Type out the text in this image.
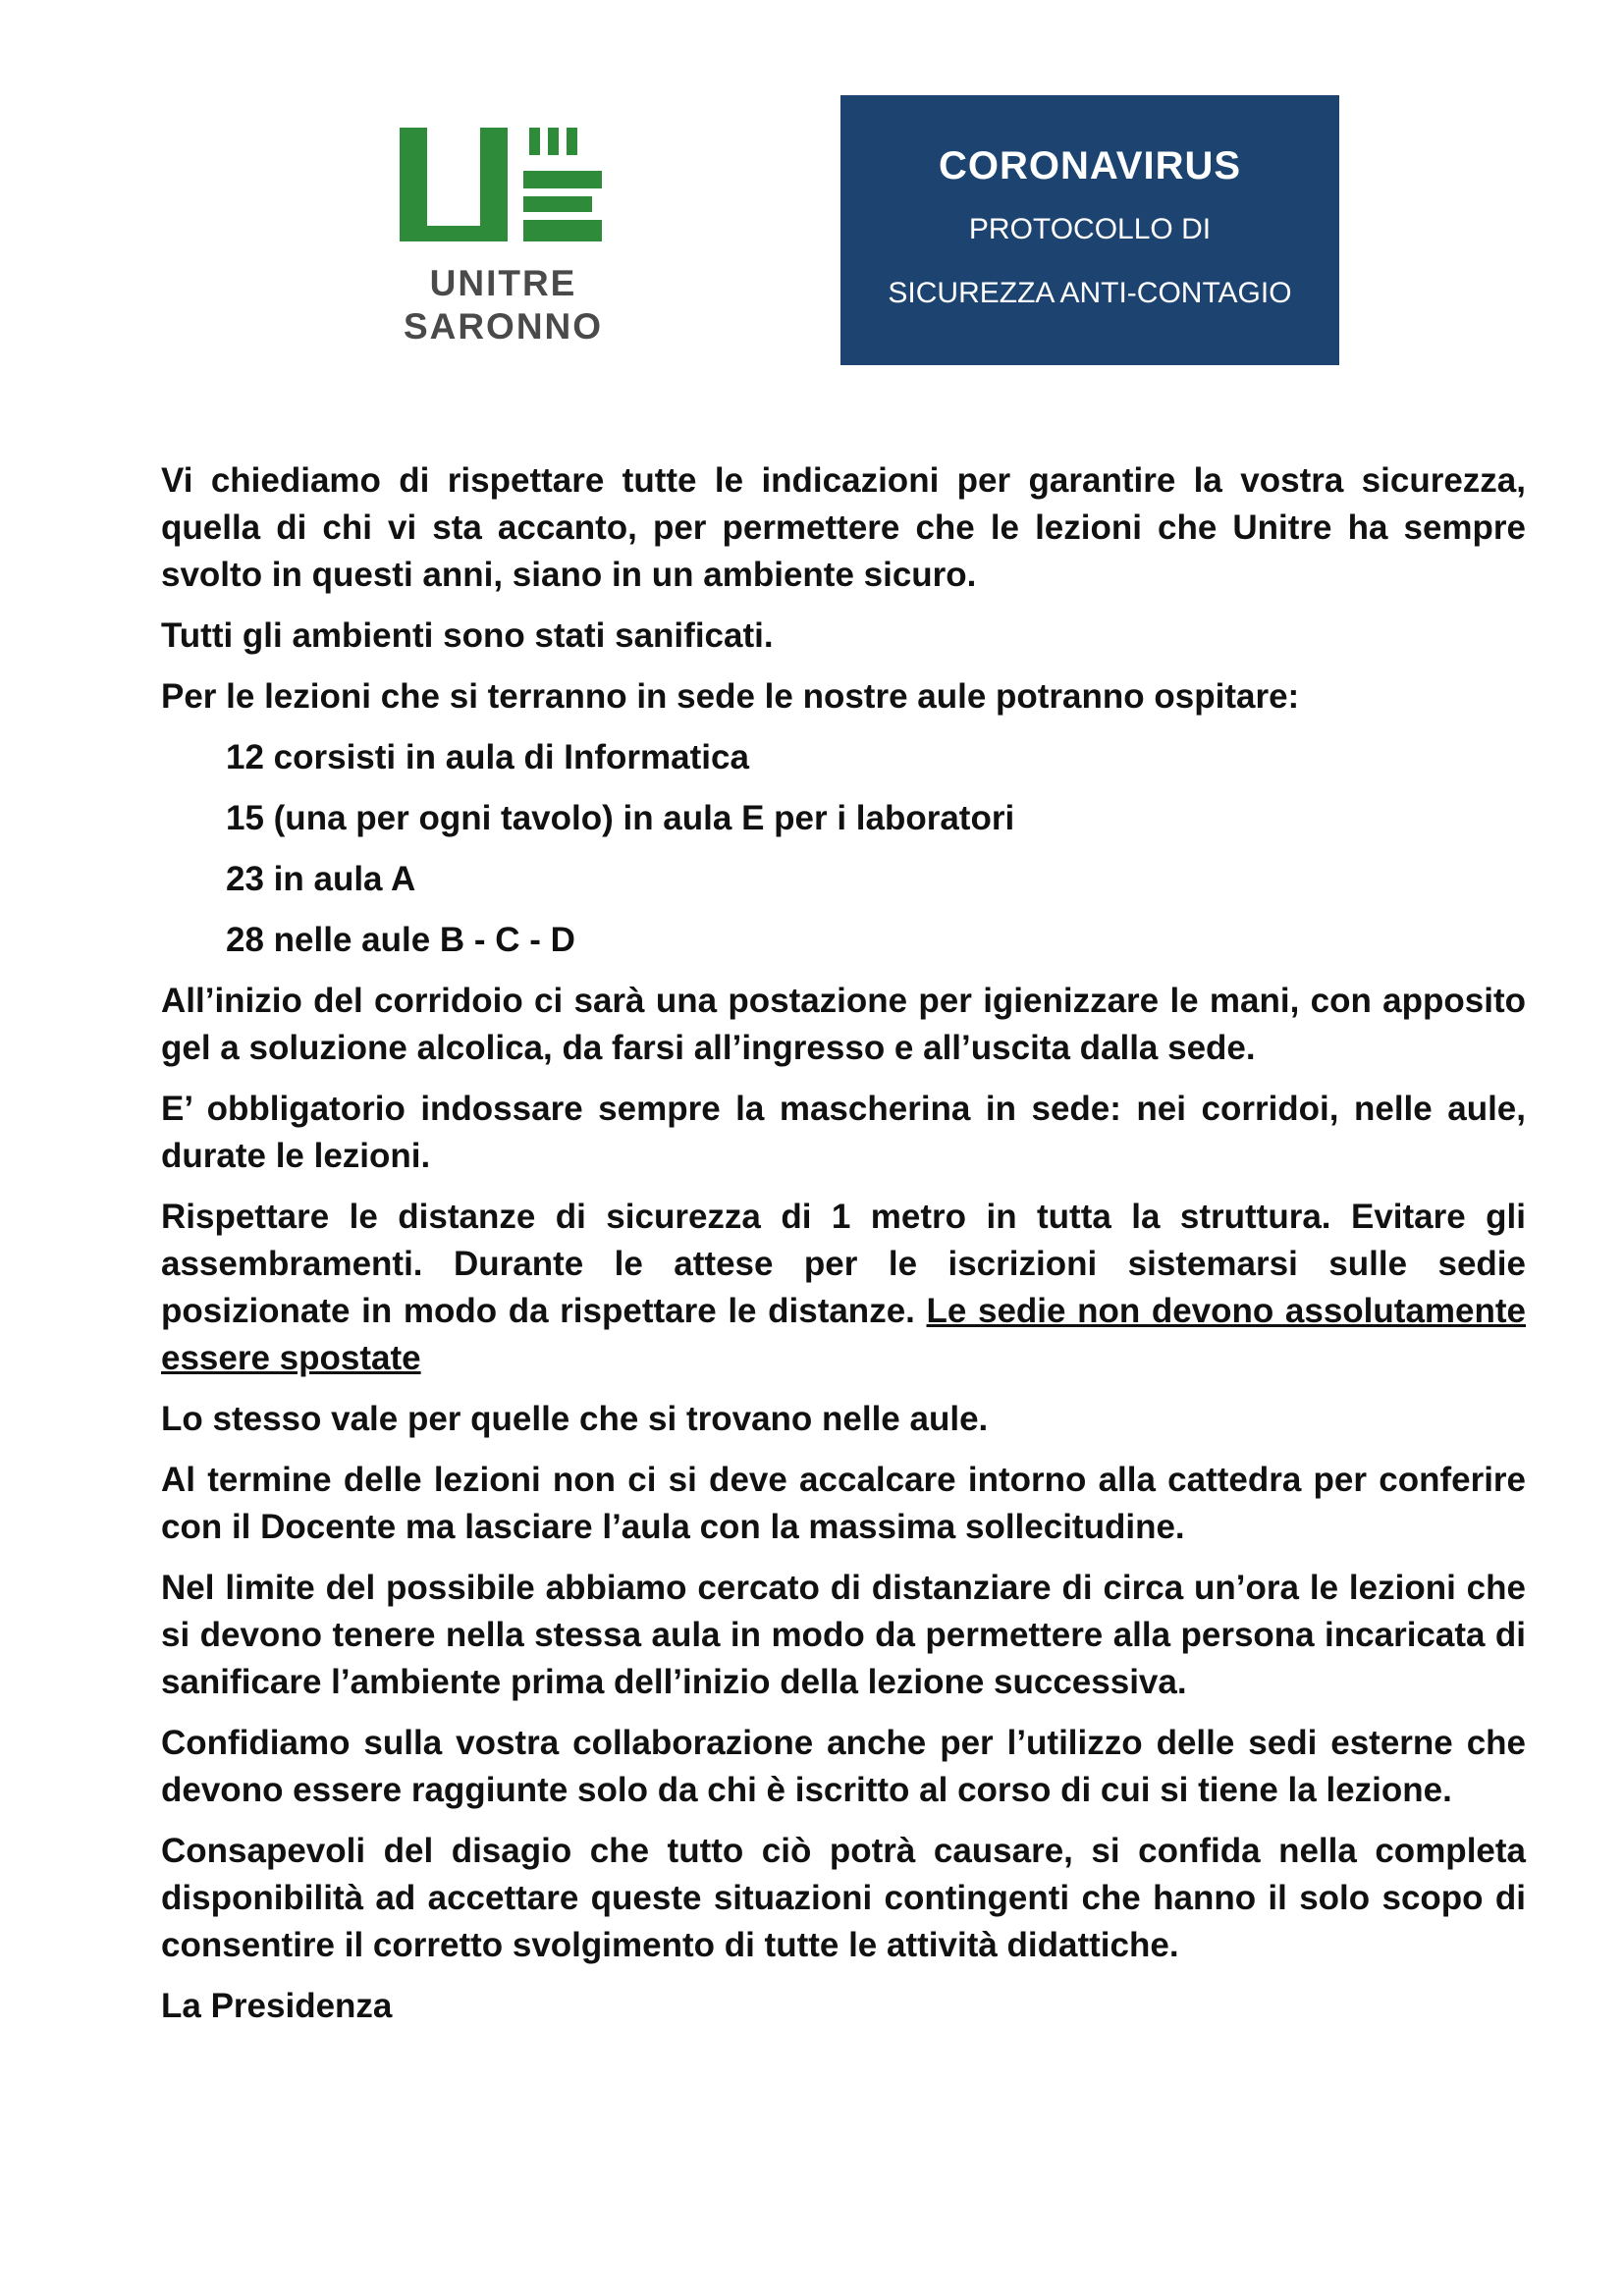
UNITRE
SARONNO
CORONAVIRUS
PROTOCOLLO DI
SICUREZZA ANTI-CONTAGIO

Vi chiediamo di rispettare tutte le indicazioni per garantire la vostra sicurezza, quella di chi vi sta accanto, per permettere che le lezioni che Unitre ha sempre svolto in questi anni, siano in un ambiente sicuro.

Tutti gli ambienti sono stati sanificati.

Per le lezioni che si terranno in sede le nostre aule potranno ospitare:

12 corsisti in aula di Informatica
15 (una per ogni tavolo) in aula E per i laboratori
23 in aula A
28 nelle aule B - C - D

All’inizio del corridoio ci sarà una postazione per igienizzare le mani, con apposito gel a soluzione alcolica, da farsi all’ingresso e all’uscita dalla sede.

E’ obbligatorio indossare sempre la mascherina in sede: nei corridoi, nelle aule, durate le lezioni.

Rispettare le distanze di sicurezza di 1 metro in tutta la struttura. Evitare gli assembramenti. Durante le attese per le iscrizioni sistemarsi sulle sedie posizionate in modo da rispettare le distanze. Le sedie non devono assolutamente essere spostate

Lo stesso vale per quelle che si trovano nelle aule.

Al termine delle lezioni non ci si deve accalcare intorno alla cattedra per conferire con il Docente ma lasciare l’aula con la massima sollecitudine.

Nel limite del possibile abbiamo cercato di distanziare di circa un’ora le lezioni che si devono tenere nella stessa aula in modo da permettere alla persona incaricata di sanificare l’ambiente prima dell’inizio della lezione successiva.

Confidiamo sulla vostra collaborazione anche per l’utilizzo delle sedi esterne che devono essere raggiunte solo da chi è iscritto al corso di cui si tiene la lezione.

Consapevoli del disagio che tutto ciò potrà causare, si confida nella completa disponibilità ad accettare queste situazioni contingenti che hanno il solo scopo di consentire il corretto svolgimento di tutte le attività didattiche.

La Presidenza
